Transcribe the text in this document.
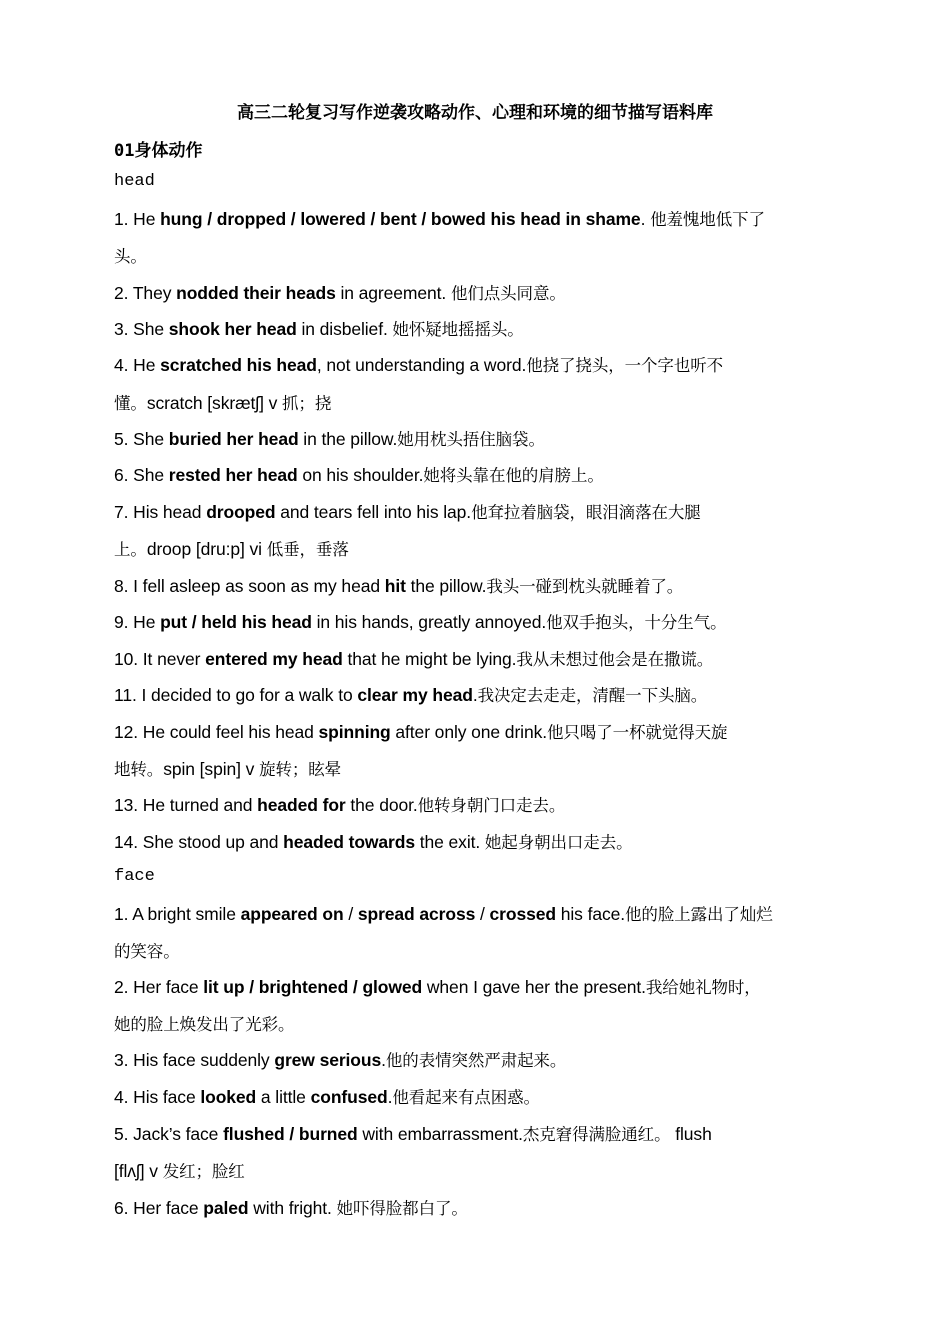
高三二轮复习写作逆袭攻略动作、心理和环境的细节描写语料库
01身体动作
head
1. He hung / dropped / lowered / bent / bowed his head in shame. 他羞愧地低下了
头。
2. They nodded their heads in agreement. 他们点头同意。
3. She shook her head in disbelief. 她怀疑地摇摇头。
4. He scratched his head, not understanding a word.他挠了挠头，一个字也听不
懂。scratch [skrætʃ] v 抓；挠
5. She buried her head in the pillow.她用枕头捂住脑袋。
6. She rested her head on his shoulder.她将头靠在他的肩膀上。
7. His head drooped and tears fell into his lap.他耷拉着脑袋，眼泪滴落在大腿
上。droop [dru:p] vi 低垂，垂落
8. I fell asleep as soon as my head hit the pillow.我头一碰到枕头就睡着了。
9. He put / held his head in his hands, greatly annoyed.他双手抱头，十分生气。
10. It never entered my head that he might be lying.我从未想过他会是在撒谎。
11. I decided to go for a walk to clear my head.我决定去走走，清醒一下头脑。
12. He could feel his head spinning after only one drink.他只喝了一杯就觉得天旋
地转。spin [spin] v 旋转；眩晕
13. He turned and headed for the door.他转身朝门口走去。
14. She stood up and headed towards the exit. 她起身朝出口走去。
face
1. A bright smile appeared on / spread across / crossed his face.他的脸上露出了灿烂
的笑容。
2. Her face lit up / brightened / glowed when I gave her the present.我给她礼物时，
她的脸上焕发出了光彩。
3. His face suddenly grew serious.他的表情突然严肃起来。
4. His face looked a little confused.他看起来有点困惑。
5. Jack’s face flushed / burned with embarrassment.杰克窘得满脸通红。 flush
[flʌʃ] v 发红；脸红
6. Her face paled with fright. 她吓得脸都白了。
